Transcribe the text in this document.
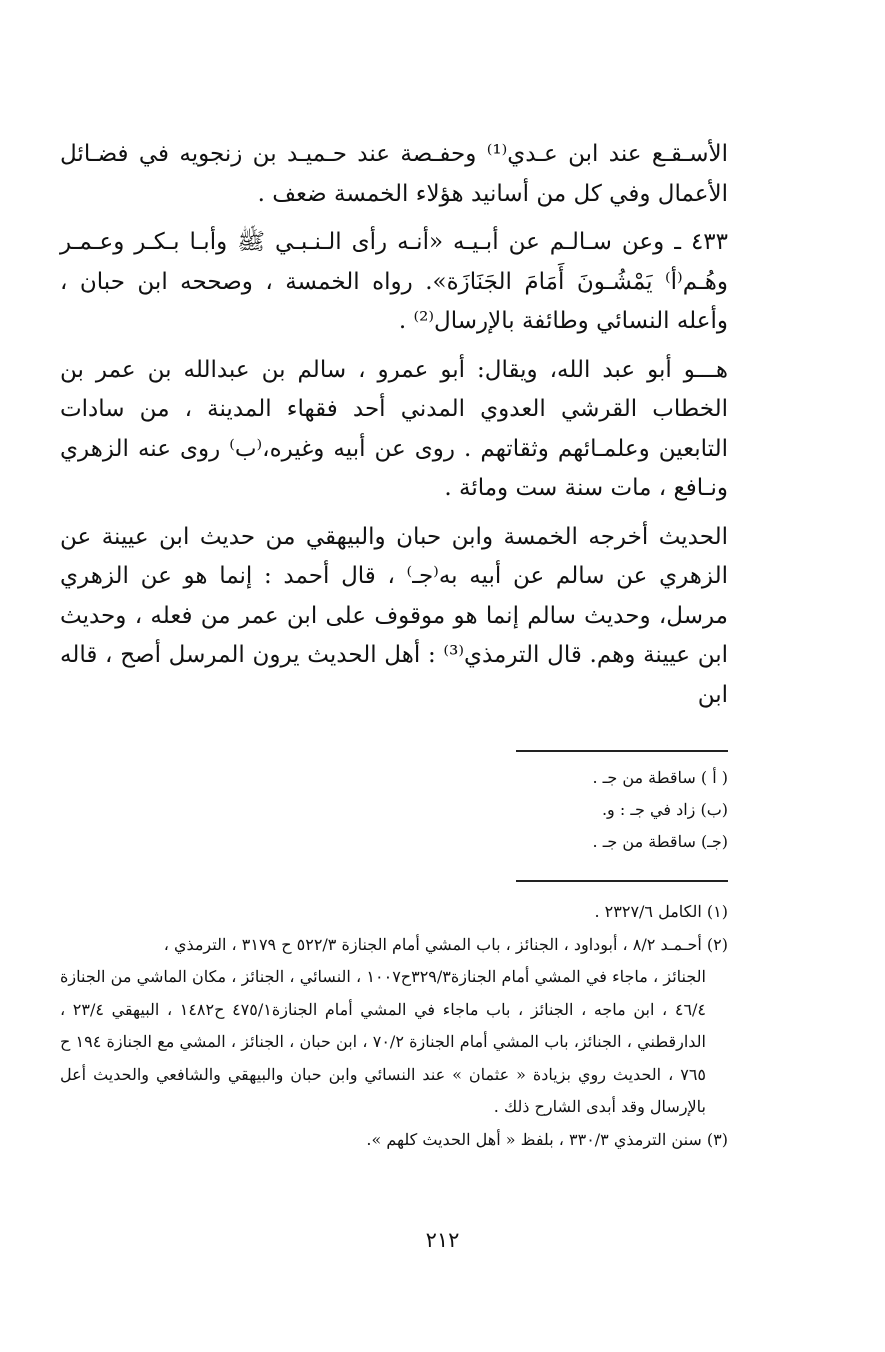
الأسـقـع عند ابن عـدي⁽¹⁾ وحفـصة عند حـميـد بن زنجويه في فضـائل الأعمال وفي كل من أسانيد هؤلاء الخمسة ضعف .

٤٣٣ ـ وعن سـالـم عن أبـيـه «أنـه رأى الـنـبـي ﷺ وأبـا بـكـر وعـمـر وهُـم⁽أ⁾ يَمْشُـونَ أَمَامَ الجَنَازَة». رواه الخمسة ، وصححه ابن حبان ، وأعله النسائي وطائفة بالإرسال⁽²⁾ .

هـــو أبو عبد الله، ويقال: أبو عمرو ، سالم بن عبدالله بن عمر بن الخطاب القرشي العدوي المدني أحد فقهاء المدينة ، من سادات التابعين وعلمـائهم وثقاتهم . روى عن أبيه وغيره،⁽ب⁾ روى عنه الزهري ونـافع ، مات سنة ست ومائة .

الحديث أخرجه الخمسة وابن حبان والبيهقي من حديث ابن عيينة عن الزهري عن سالم عن أبيه به⁽جـ⁾ ، قال أحمد : إنما هو عن الزهري مرسل، وحديث سالم إنما هو موقوف على ابن عمر من فعله ، وحديث ابن عيينة وهم. قال الترمذي⁽³⁾ : أهل الحديث يرون المرسل أصح ، قاله ابن

( أ ) ساقطة من جـ .

(ب) زاد في جـ : و.

(جـ) ساقطة من جـ .

(١) الكامل ٢٣٢٧/٦ .

(٢) أحـمـد ٨/٢ ، أبوداود ، الجنائز ، باب المشي أمام الجنازة ٥٢٢/٣ ح ٣١٧٩ ، الترمذي ،

الجنائز ، ماجاء في المشي أمام الجنازة٣٢٩/٣ح١٠٠٧ ، النسائي ، الجنائز ، مكان الماشي من الجنازة ٤٦/٤ ، ابن ماجه ، الجنائز ، باب ماجاء في المشي أمام الجنازة٤٧٥/١ ح١٤٨٢ ، البيهقي ٢٣/٤ ، الدارقطني ، الجنائز، باب المشي أمام الجنازة ٧٠/٢ ، ابن حبان ، الجنائز ، المشي مع الجنازة ١٩٤ ح ٧٦٥ ، الحديث روي بزيادة « عثمان » عند النسائي وابن حبان والبيهقي والشافعي والحديث أعل بالإرسال وقد أبدى الشارح ذلك .

(٣) سنن الترمذي ٣٣٠/٣ ، بلفظ « أهل الحديث كلهم ».

٢١٢
